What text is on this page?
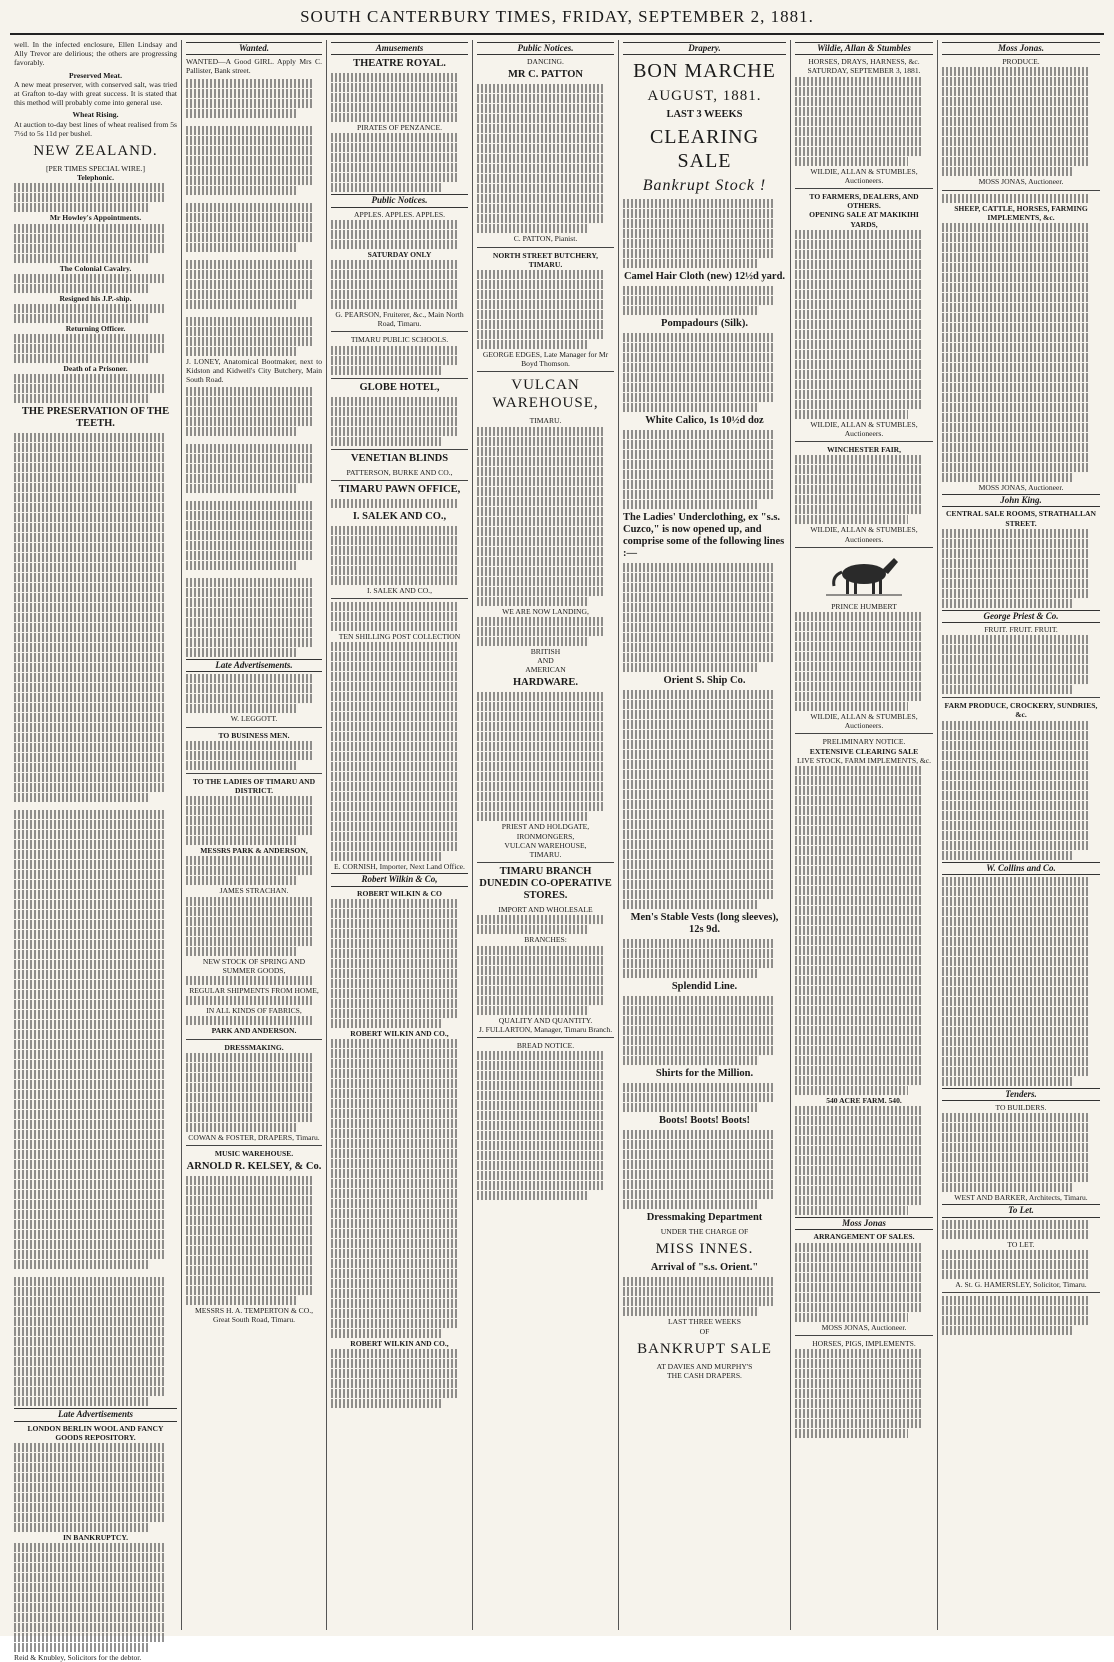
SOUTH CANTERBURY TIMES, FRIDAY, SEPTEMBER 2, 1881.

well. In the infected enclosure, Ellen Lindsay and Ally Trevor are delirious; the others are progressing favorably.

Preserved Meat.

A new meat preserver, with conserved salt, was tried at Grafton to-day with great success. It is stated that this method will probably come into general use.

Wheat Rising.

At auction to-day best lines of wheat realised from 5s 7½d to 5s 11d per bushel.

NEW ZEALAND.
[PER TIMES SPECIAL WIRE.]
Telephonic.
Mr Howley's Appointments.
The Colonial Cavalry.
Resigned his J.P.-ship.
Returning Officer.
Death of a Prisoner.
THE PRESERVATION OF THE TEETH.
Late Advertisements
LONDON BERLIN WOOL AND FANCY GOODS REPOSITORY.
IN BANKRUPTCY.
Reid & Knubley, Solicitors for the debtor.
Wanted.

WANTED—A Good GIRL. Apply Mrs C. Pallister, Bank street.

J. LONEY, Anatomical Bootmaker, next to Kidston and Kidwell's City Butchery, Main South Road.

Late Advertisements.
W. LEGGOTT.
TO BUSINESS MEN.
TO THE LADIES OF TIMARU AND DISTRICT.
MESSRS PARK & ANDERSON,
JAMES STRACHAN.
NEW STOCK OF SPRING AND SUMMER GOODS,
REGULAR SHIPMENTS FROM HOME,
IN ALL KINDS OF FABRICS,
PARK AND ANDERSON.
DRESSMAKING.
COWAN & FOSTER, DRAPERS, Timaru.
MUSIC WAREHOUSE.
ARNOLD R. KELSEY, & Co.
MESSRS H. A. TEMPERTON & CO., Great South Road, Timaru.
Amusements
THEATRE ROYAL.
PIRATES OF PENZANCE.
Public Notices.
APPLES. APPLES. APPLES.
SATURDAY ONLY
G. PEARSON, Fruiterer, &c., Main North Road, Timaru.
TIMARU PUBLIC SCHOOLS.
GLOBE HOTEL,
VENETIAN BLINDS
PATTERSON, BURKE AND CO.,
TIMARU PAWN OFFICE,
I. SALEK AND CO.,
I. SALEK AND CO.,
TEN SHILLING POST COLLECTION
E. CORNISH, Importer, Next Land Office.
Robert Wilkin & Co,
ROBERT WILKIN & CO
ROBERT WILKIN AND CO.,
ROBERT WILKIN AND CO.,
Public Notices.
DANCING.
MR C. PATTON
C. PATTON, Pianist.
NORTH STREET BUTCHERY, TIMARU.
GEORGE EDGES, Late Manager for Mr Boyd Thomson.
VULCAN WAREHOUSE,
TIMARU.
WE ARE NOW LANDING,
BRITISH
AND
AMERICAN
HARDWARE.
PRIEST AND HOLDGATE,
IRONMONGERS,
VULCAN WAREHOUSE,
TIMARU.
TIMARU BRANCH DUNEDIN CO-OPERATIVE STORES.
IMPORT AND WHOLESALE
BRANCHES:
QUALITY AND QUANTITY.
J. FULLARTON, Manager, Timaru Branch.
BREAD NOTICE.
Drapery.
BON MARCHE
AUGUST, 1881.
LAST 3 WEEKS
CLEARING SALE
Bankrupt Stock !
Camel Hair Cloth (new) 12½d yard.
Pompadours (Silk).
White Calico, 1s 10½d doz
The Ladies' Underclothing, ex "s.s. Cuzco," is now opened up, and comprise some of the following lines :—
Orient S. Ship Co.
Men's Stable Vests (long sleeves), 12s 9d.
Splendid Line.
Shirts for the Million.
Boots! Boots! Boots!
Dressmaking Department
UNDER THE CHARGE OF
MISS INNES.
Arrival of "s.s. Orient."
LAST THREE WEEKS
OF
BANKRUPT SALE
AT DAVIES AND MURPHY'S
THE CASH DRAPERS.
Wildie, Allan & Stumbles
HORSES, DRAYS, HARNESS, &c.
SATURDAY, SEPTEMBER 3, 1881.
WILDIE, ALLAN & STUMBLES, Auctioneers.
TO FARMERS, DEALERS, AND OTHERS.
OPENING SALE AT MAKIKIHI YARDS,
WILDIE, ALLAN & STUMBLES, Auctioneers.
WINCHESTER FAIR,
WILDIE, ALLAN & STUMBLES, Auctioneers.
PRINCE HUMBERT
WILDIE, ALLAN & STUMBLES, Auctioneers.
PRELIMINARY NOTICE.
EXTENSIVE CLEARING SALE
LIVE STOCK, FARM IMPLEMENTS, &c.
540 ACRE FARM. 540.
Moss Jonas
ARRANGEMENT OF SALES.
MOSS JONAS, Auctioneer.
HORSES, PIGS, IMPLEMENTS.
Moss Jonas.
PRODUCE.
MOSS JONAS, Auctioneer.
SHEEP, CATTLE, HORSES, FARMING IMPLEMENTS, &c.
MOSS JONAS, Auctioneer.
John King.
CENTRAL SALE ROOMS, STRATHALLAN STREET.
George Priest & Co.
FRUIT. FRUIT. FRUIT.
FARM PRODUCE, CROCKERY, SUNDRIES, &c.
W. Collins and Co.
Tenders.
TO BUILDERS.
WEST AND BARKER, Architects, Timaru.
To Let.
TO LET.
A. St. G. HAMERSLEY, Solicitor, Timaru.
